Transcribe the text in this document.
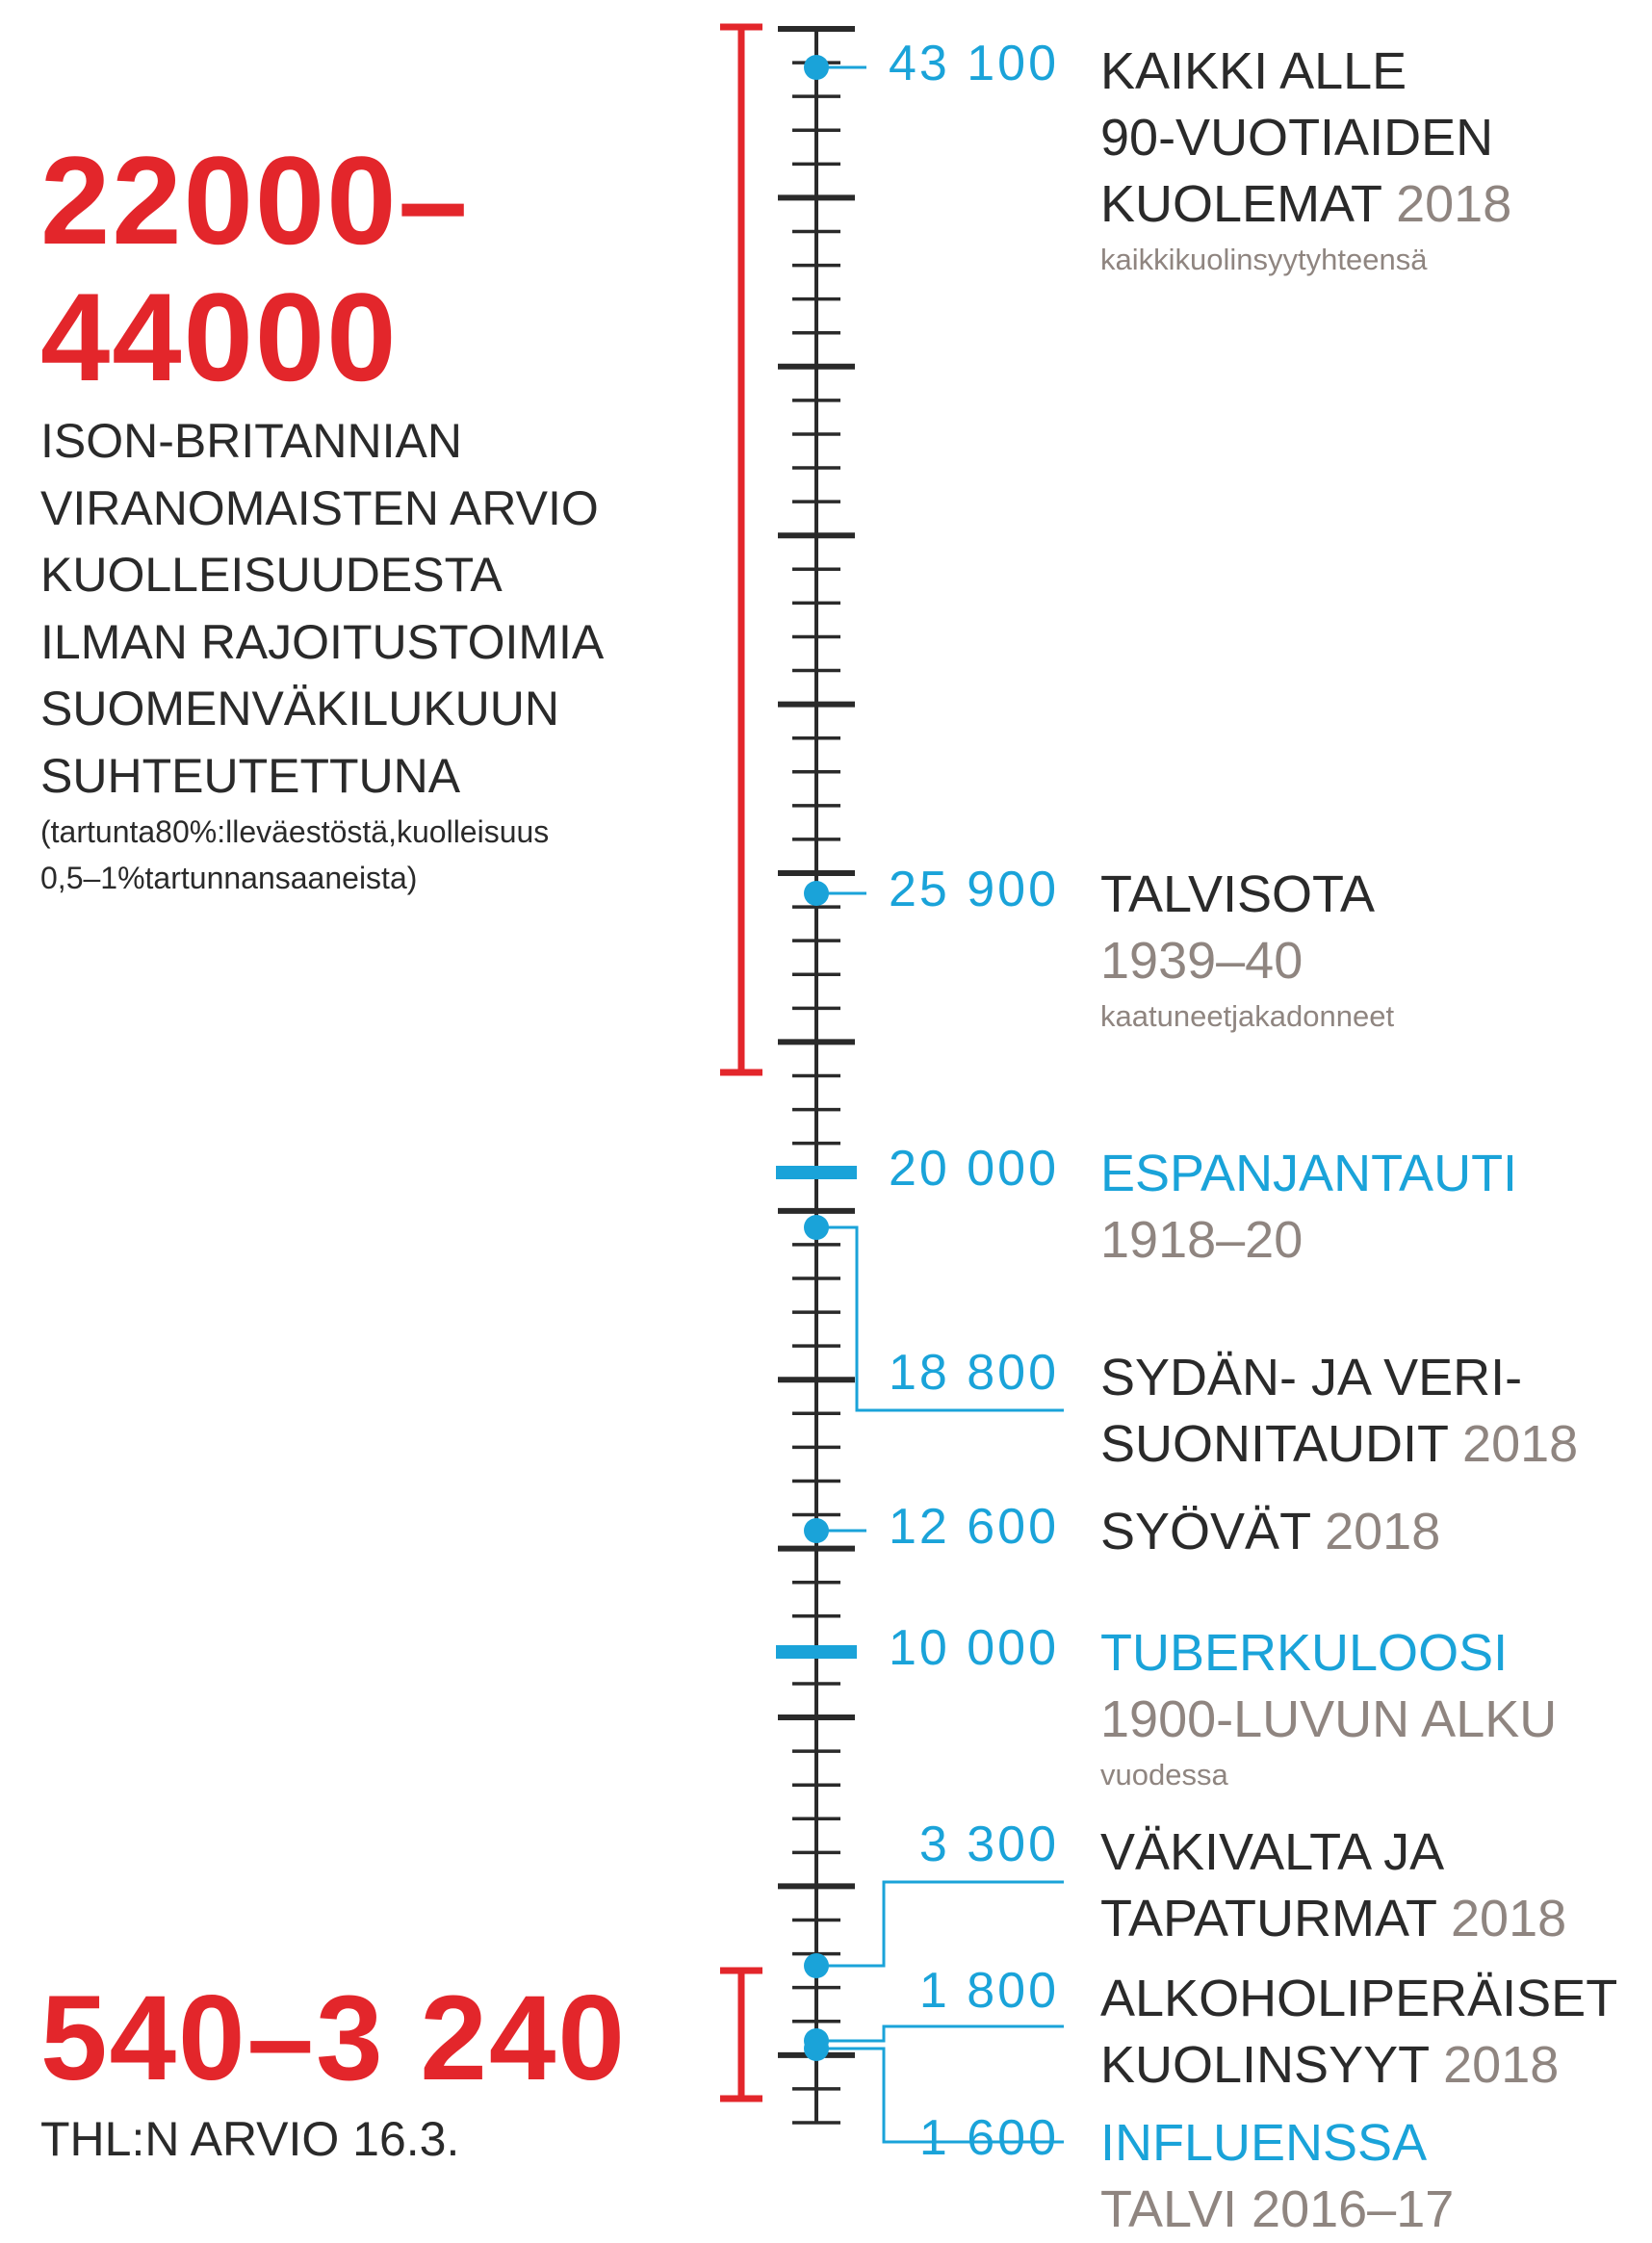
22000–
44000
ISON-BRITANNIAN
VIRANOMAISTEN ARVIO
KUOLLEISUUDESTA
ILMAN RAJOITUSTOIMIA
SUOMENVÄKILUKUUN
SUHTEUTETTUNA
(tartunta80%:lleväestöstä,kuolleisuus
0,5–1%tartunnansaaneista)
540–3 240
THL:N ARVIO 16.3.
43 100 KAIKKI ALLE
90-VUOTIAIDEN
KUOLEMAT 2018
kaikkikuolinsyytyhteensä
25 900 TALVISOTA
1939–40
kaatuneetjakadonneet
20 000 ESPANJANTAUTI
1918–20
18 800 SYDÄN- JA VERI-
SUONITAUDIT 2018
12 600 SYÖVÄT 2018
10 000 TUBERKULOOSI
1900-LUVUN ALKU
vuodessa
3 300 VÄKIVALTA JA
TAPATURMAT 2018
1 800 ALKOHOLIPERÄISET
KUOLINSYYT 2018
1 600 INFLUENSSA
TALVI 2016–17
